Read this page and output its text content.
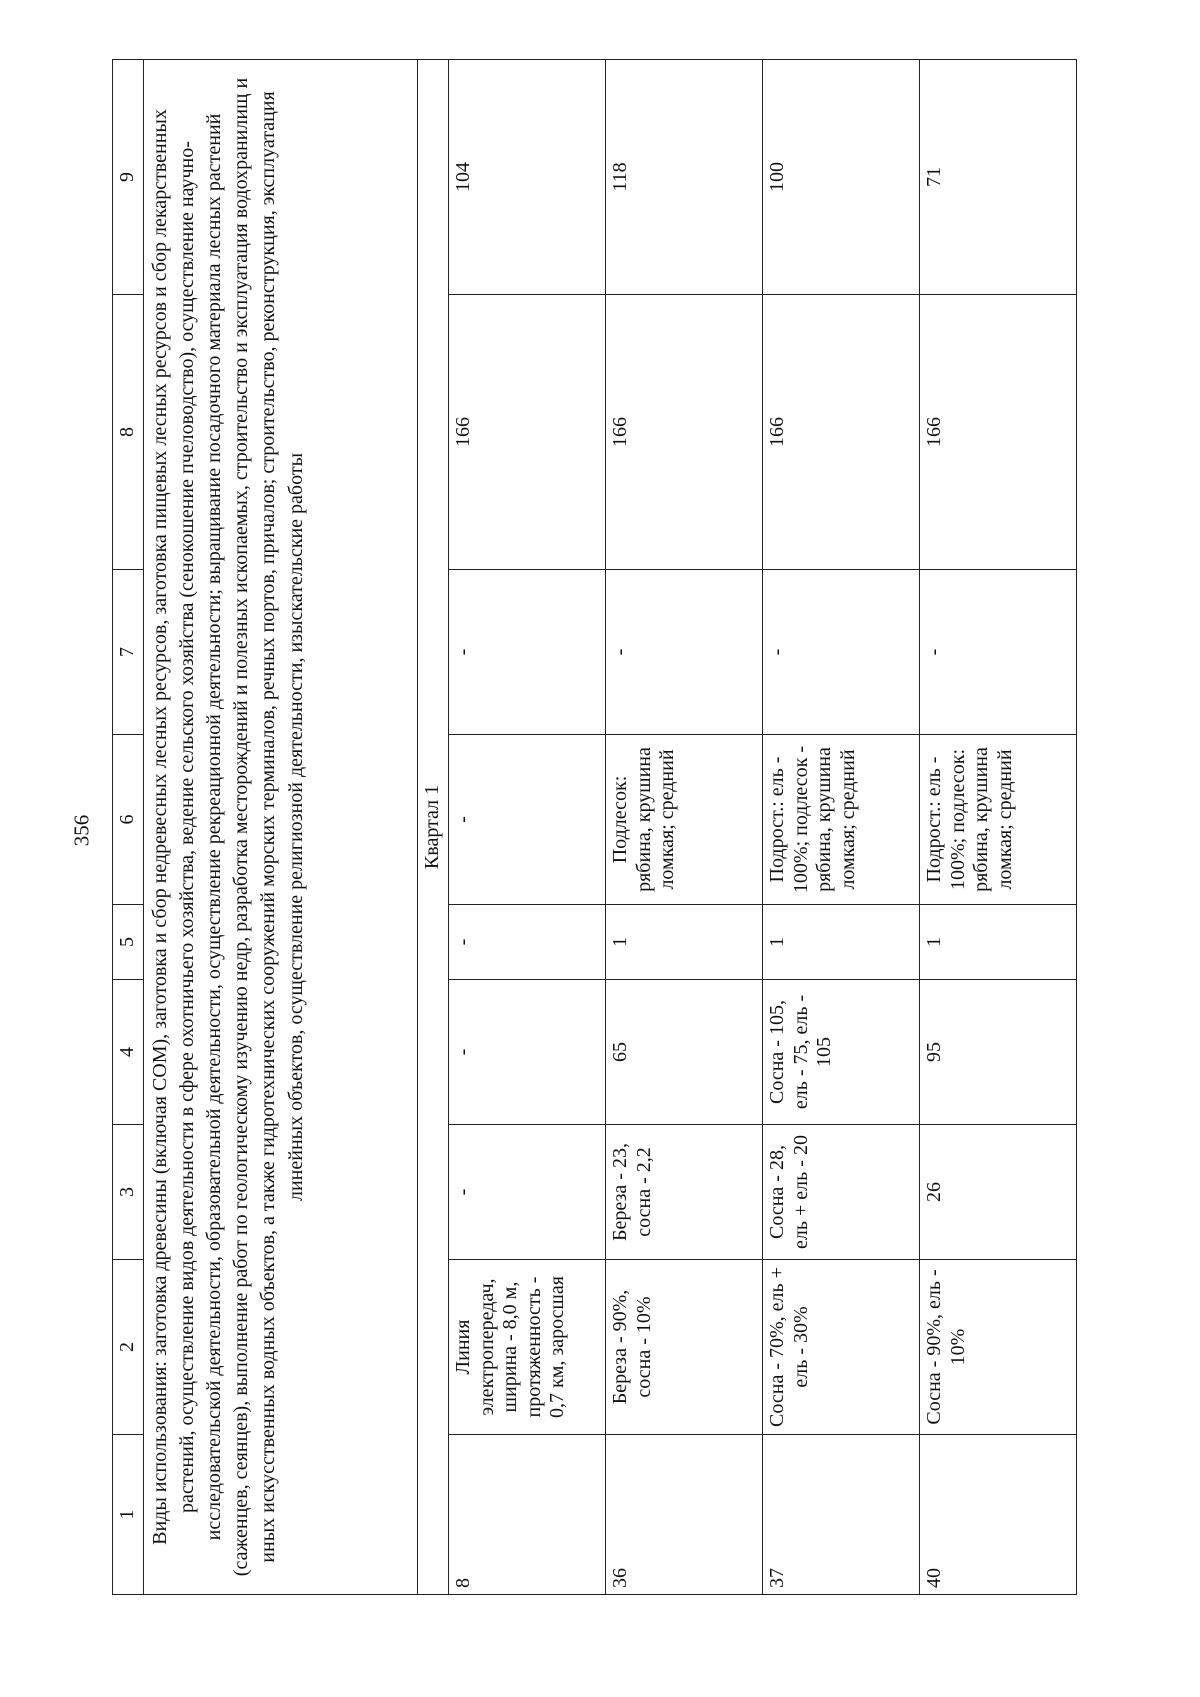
356
1	2	3	4	5	6	7	8	9
Виды использования: заготовка древесины (включая СОМ), заготовка и сбор недревесных лесных ресурсов, заготовка пищевых лесных ресурсов и сбор лекарственных растений, осуществление видов деятельности в сфере охотничьего хозяйства, ведение сельского хозяйства (сенокошение пчеловодство), осуществление научно-исследовательской деятельности, образовательной деятельности, осуществление рекреационной деятельности; выращивание посадочного материала лесных растений (саженцев, сеянцев), выполнение работ по геологическому изучению недр, разработка месторождений и полезных ископаемых, строительство и эксплуатация водохранилищ и иных искусственных водных объектов, а также гидротехнических сооружений морских терминалов, речных портов, причалов; строительство, реконструкция, эксплуатация линейных объектов, осуществление религиозной деятельности, изыскательские работы								
Квартал 1								
8	Линия электропередач, ширина - 8,0 м, протяженность - 0,7 км, заросшая	-	-	-	-	-	166	104
36	Береза - 90%, сосна - 10%	Береза - 23, сосна - 2,2	65	1	Подлесок: рябина, крушина ломкая; средний	-	166	118
37	Сосна - 70%, ель + ель - 30%	Сосна - 28, ель + ель - 20	Сосна - 105, ель - 75, ель - 105	1	Подрост.: ель - 100%; подлесок - рябина, крушина ломкая; средний	-	166	100
40	Сосна - 90%, ель - 10%	26	95	1	Подрост.: ель - 100%; подлесок: рябина, крушина ломкая; средний	-	166	71
